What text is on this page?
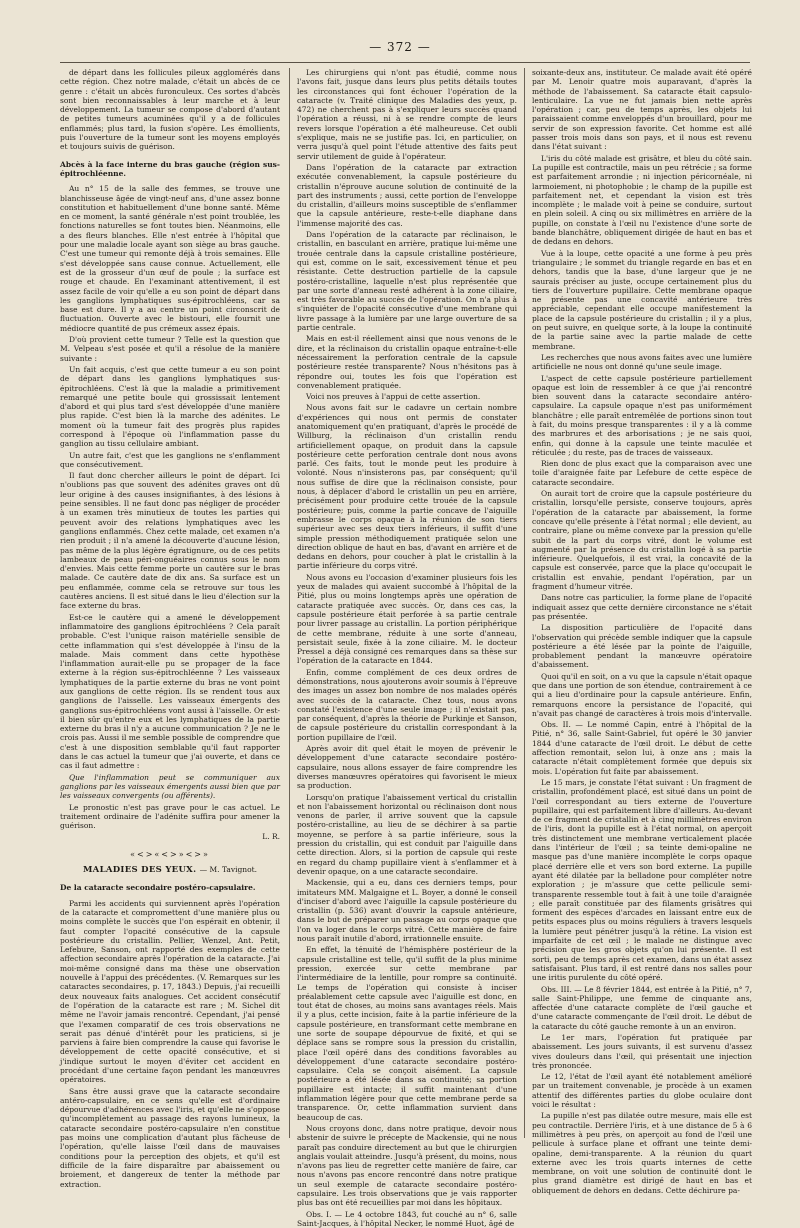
— 372 —

de départ dans les follicules pileux agglomérés dans cette région. Chez notre malade, c'était un abcès de ce genre : c'était un abcès furonculeux. Ces sortes d'abcès sont bien reconnaissables à leur marche et à leur développement. La tumeur se compose d'abord d'autant de petites tumeurs acuminées qu'il y a de follicules enflammés; plus tard, la fusion s'opère. Les émollients, puis l'ouverture de la tumeur sont les moyens employés et toujours suivis de guérison.

Abcès à la face interne du bras gauche (région sus-épitrochléenne.

Au n° 15 de la salle des femmes, se trouve une blanchisseuse âgée de vingt-neuf ans, d'une assez bonne constitution et habituellement d'une bonne santé. Même en ce moment, la santé générale n'est point troublée, les fonctions naturelles se font toutes bien. Néanmoins, elle a des fleurs blanches. Elle n'est entrée à l'hôpital que pour une maladie locale ayant son siège au bras gauche. C'est une tumeur qui remonte déjà à trois semaines. Elle s'est développée sans cause connue. Actuellement, elle est de la grosseur d'un œuf de poule ; la surface est rouge et chaude. En l'examinant attentivement, il est assez facile de voir qu'elle a eu son point de départ dans les ganglions lymphatiques sus-épitrochléens, car sa base est dure. Il y a au centre un point circonscrit de fluctuation. Ouverte avec le bistouri, elle fournit une médiocre quantité de pus crémeux assez épais.

D'où provient cette tumeur ? Telle est la question que M. Velpeau s'est posée et qu'il a résolue de la manière suivante :

Un fait acquis, c'est que cette tumeur a eu son point de départ dans les ganglions lymphatiques sus-épitrochléens. C'est là que la maladie a primitivement remarqué une petite boule qui grossissait lentement d'abord et qui plus tard s'est développée d'une manière plus rapide. C'est bien là la marche des adénites. Le moment où la tumeur fait des progrès plus rapides correspond à l'époque où l'inflammation passe du ganglion au tissu cellulaire ambiant.

Un autre fait, c'est que les ganglions ne s'enflamment que consécutivement.

Il faut donc chercher ailleurs le point de départ. Ici n'oublions pas que souvent des adénites graves ont dû leur origine à des causes insignifiantes, à des lésions à peine sensibles. Il ne faut donc pas négliger de procéder à un examen très minutieux de toutes les parties qui peuvent avoir des relations lymphatiques avec les ganglions enflammés. Chez cette malade, cet examen n'a rien produit ; il n'a amené la découverte d'aucune lésion, pas même de la plus légère égratignure, ou de ces petits lambeaux de peau péri-onguéaires connus sous le nom d'envies. Mais cette femme porte un cautère sur le bras malade. Ce cautère date de dix ans. Sa surface est un peu enflammée, comme cela se retrouve sur tous les cautères anciens. Il est situé dans le lieu d'élection sur la face externe du bras.

Est-ce le cautère qui a amené le développement inflammatoire des ganglions épitrochléens ? Cela paraît probable. C'est l'unique raison matérielle sensible de cette inflammation qui s'est développée à l'insu de la malade. Mais comment dans cette hypothèse l'inflammation aurait-elle pu se propager de la face externe à la région sus-épitrochléenne ? Les vaisseaux lymphatiques de la partie externe du bras ne vont point aux ganglions de cette région. Ils se rendent tous aux ganglions de l'aisselle. Les vaisseaux émergents des ganglions sus-épitrochléens vont aussi à l'aisselle. Or est-il bien sûr qu'entre eux et les lymphatiques de la partie externe du bras il n'y a aucune communication ? Je ne le crois pas. Aussi il me semble possible de comprendre que c'est à une disposition semblable qu'il faut rapporter dans le cas actuel la tumeur que j'ai ouverte, et dans ce cas il faut admettre :

Que l'inflammation peut se communiquer aux ganglions par les vaisseaux émergents aussi bien que par les vaisseaux convergents (ou afférents).

Le pronostic n'est pas grave pour le cas actuel. Le traitement ordinaire de l'adénite suffira pour amener la guérison.

L. R.

«<>«<>»<>»

MALADIES DES YEUX. — M. Tavignot.

De la cataracte secondaire postéro-capsulaire.

Parmi les accidents qui surviennent après l'opération de la cataracte et compromettent d'une manière plus ou moins complète le succès que l'on espérait en obtenir, il faut compter l'opacité consécutive de la capsule postérieure du cristallin. Pellier, Wenzel, Ant. Petit, Lefebure, Sanson, ont rapporté des exemples de cette affection secondaire après l'opération de la cataracte. J'ai moi-même consigné dans ma thèse une observation nouvelle à l'appui des précédentes. (V. Remarques sur les cataractes secondaires, p. 17, 1843.) Depuis, j'ai recueilli deux nouveaux faits analogues. Cet accident consécutif de l'opération de la cataracte est rare ; M. Sichel dit même ne l'avoir jamais rencontré. Cependant, j'ai pensé que l'examen comparatif de ces trois observations ne serait pas dénué d'intérêt pour les praticiens, si je parviens à faire bien comprendre la cause qui favorise le développement de cette opacité consécutive, et si j'indique surtout le moyen d'éviter cet accident en procédant d'une certaine façon pendant les manœuvres opératoires.

Sans être aussi grave que la cataracte secondaire antéro-capsulaire, en ce sens qu'elle est d'ordinaire dépourvue d'adhérences avec l'iris, et qu'elle ne s'oppose qu'incomplètement au passage des rayons lumineux, la cataracte secondaire postéro-capsulaire n'en constitue pas moins une complication d'autant plus fâcheuse de l'opération, qu'elle laisse l'œil dans de mauvaises conditions pour la perception des objets, et qu'il est difficile de la faire disparaître par abaissement ou broiement, et dangereux de tenter la méthode par extraction.

Les chirurgiens qui n'ont pas étudié, comme nous l'avons fait, jusque dans leurs plus petits détails toutes les circonstances qui font échouer l'opération de la cataracte (v. Traité clinique des Maladies des yeux, p. 472) ne cherchent pas à s'expliquer leurs succès quand l'opération a réussi, ni à se rendre compte de leurs revers lorsque l'opération a été malheureuse. Cet oubli s'explique, mais ne se justifie pas. Ici, en particulier, on verra jusqu'à quel point l'étude attentive des faits peut servir utilement de guide à l'opérateur.

Dans l'opération de la cataracte par extraction exécutée convenablement, la capsule postérieure du cristallin n'éprouve aucune solution de continuité de la part des instruments ; aussi, cette portion de l'enveloppe du cristallin, d'ailleurs moins susceptible de s'enflammer que la capsule antérieure, reste-t-elle diaphane dans l'immense majorité des cas.

Dans l'opération de la cataracte par réclinaison, le cristallin, en basculant en arrière, pratique lui-même une trouée centrale dans la capsule cristalline postérieure, qui est, comme on le sait, excessivement ténue et peu résistante. Cette destruction partielle de la capsule postéro-cristalline, laquelle n'est plus représentée que par une sorte d'anneau resté adhérent à la zone ciliaire, est très favorable au succès de l'opération. On n'a plus à s'inquiéter de l'opacité consécutive d'une membrane qui livre passage à la lumière par une large ouverture de sa partie centrale.

Mais en est-il réellement ainsi que nous venons de le dire, et la réclinaison du cristallin opaque entraîne-t-elle nécessairement la perforation centrale de la capsule postérieure restée transparente? Nous n'hésitons pas à répondre oui, toutes les fois que l'opération est convenablement pratiquée.

Voici nos preuves à l'appui de cette assertion.

Nous avons fait sur le cadavre un certain nombre d'expériences qui nous ont permis de constater anatomiquement qu'en pratiquant, d'après le procédé de Willburg, la réclinaison d'un cristallin rendu artificiellement opaque, on produit dans la capsule postérieure cette perforation centrale dont nous avons parlé. Ces faits, tout le monde peut les produire à volonté. Nous n'insisterons pas, par conséquent; qu'il nous suffise de dire que la réclinaison consiste, pour nous, à déplacer d'abord le cristallin un peu en arrière, précisément pour produire cette trouée de la capsule postérieure; puis, comme la partie concave de l'aiguille embrasse le corps opaque à la réunion de son tiers supérieur avec ses deux tiers inférieurs, il suffit d'une simple pression méthodiquement pratiquée selon une direction oblique de haut en bas, d'avant en arrière et de dedans en dehors, pour coucher à plat le cristallin à la partie inférieure du corps vitré.

Nous avons eu l'occasion d'examiner plusieurs fois les yeux de malades qui avaient succombé à l'hôpital de la Pitié, plus ou moins longtemps après une opération de cataracte pratiquée avec succès. Or, dans ces cas, la capsule postérieure était perforée à sa partie centrale pour livrer passage au cristallin. La portion périphérique de cette membrane, réduite à une sorte d'anneau, persistait seule, fixée à la zone ciliaire. M. le docteur Pressel a déjà consigné ces remarques dans sa thèse sur l'opération de la cataracte en 1844.

Enfin, comme complément de ces deux ordres de démonstrations, nous ajouterons avoir soumis à l'épreuve des images un assez bon nombre de nos malades opérés avec succès de la cataracte. Chez tous, nous avons constaté l'existence d'une seule image ; il n'existait pas, par conséquent, d'après la théorie de Purkinje et Sanson, de capsule postérieure du cristallin correspondant à la portion pupillaire de l'œil.

Après avoir dit quel était le moyen de prévenir le développement d'une cataracte secondaire postéro-capsulaire, nous allons essayer de faire comprendre les diverses manœuvres opératoires qui favorisent le mieux sa production.

Lorsqu'on pratique l'abaissement vertical du cristallin et non l'abaissement horizontal ou réclinaison dont nous venons de parler, il arrive souvent que la capsule postéro-cristalline, au lieu de se déchirer à sa partie moyenne, se perfore à sa partie inférieure, sous la pression du cristallin, qui est conduit par l'aiguille dans cette direction. Alors, si la portion de capsule qui reste en regard du champ pupillaire vient à s'enflammer et à devenir opaque, on a une cataracte secondaire.

Mackensie, qui a eu, dans ces derniers temps, pour imitateurs MM. Malgaigne et L. Boyer, a donné le conseil d'inciser d'abord avec l'aiguille la capsule postérieure du cristallin (p. 536) avant d'ouvrir la capsule antérieure, dans le but de préparer un passage au corps opaque que l'on va loger dans le corps vitré. Cette manière de faire nous paraît inutile d'abord, irrationnelle ensuite.

En effet, la ténuité de l'hémisphère postérieur de la capsule cristalline est telle, qu'il suffit de la plus minime pression, exercée sur cette membrane par l'intermédiaire de la lentille, pour rompre sa continuité. Le temps de l'opération qui consiste à inciser préalablement cette capsule avec l'aiguille est donc, en tout état de choses, au moins sans avantages réels. Mais il y a plus, cette incision, faite à la partie inférieure de la capsule postérieure, en transformant cette membrane en une sorte de soupape dépourvue de fixité, et qui se déplace sans se rompre sous la pression du cristallin, place l'œil opéré dans des conditions favorables au développement d'une cataracte secondaire postéro-capsulaire. Cela se conçoit aisément. La capsule postérieure a été lésée dans sa continuité; sa portion pupillaire est intacte; il suffit maintenant d'une inflammation légère pour que cette membrane perde sa transparence. Or, cette inflammation survient dans beaucoup de cas.

Nous croyons donc, dans notre pratique, devoir nous abstenir de suivre le précepte de Mackensie, qui ne nous paraît pas conduire directement au but que le chirurgien anglais voulait atteindre. Jusqu'à présent, du moins, nous n'avons pas lieu de regretter cette manière de faire, car nous n'avons pas encore rencontré dans notre pratique un seul exemple de cataracte secondaire postéro-capsulaire. Les trois observations que je vais rapporter plus bas ont été recueillies par moi dans les hôpitaux.

Obs. I. — Le 4 octobre 1843, fut couché au n° 6, salle Saint-Jacques, à l'hôpital Necker, le nommé Huot, âgé de

soixante-deux ans, instituteur. Ce malade avait été opéré par M. Lenoir quatre mois auparavant, d'après la méthode de l'abaissement. Sa cataracte était capsulo-lenticulaire. La vue ne fut jamais bien nette après l'opération ; car, peu de temps après, les objets lui paraissaient comme enveloppés d'un brouillard, pour me servir de son expression favorite. Cet homme est allé passer trois mois dans son pays, et il nous est revenu dans l'état suivant :

L'iris du côté malade est grisâtre, et bleu du côté sain. La pupille est contractile, mais un peu rétrécie ; sa forme est parfaitement arrondie ; ni injection péricornéale, ni larmoiement, ni photophobie ; le champ de la pupille est parfaitement net, et cependant la vision est très incomplète ; le malade voit à peine se conduire, surtout en plein soleil. A cinq ou six millimètres en arrière de la pupille, on constate à l'œil nu l'existence d'une sorte de bande blanchâtre, obliquement dirigée de haut en bas et de dedans en dehors.

Vue à la loupe, cette opacité a une forme à peu près triangulaire ; le sommet du triangle regarde en bas et en dehors, tandis que la base, d'une largeur que je ne saurais préciser au juste, occupe certainement plus du tiers de l'ouverture pupillaire. Cette membrane opaque ne présente pas une concavité antérieure très appréciable, cependant elle occupe manifestement la place de la capsule postérieure du cristallin ; il y a plus, on peut suivre, en quelque sorte, à la loupe la continuité de la partie saine avec la partie malade de cette membrane.

Les recherches que nous avons faites avec une lumière artificielle ne nous ont donné qu'une seule image.

L'aspect de cette capsule postérieure partiellement opaque est loin de ressembler à ce que j'ai rencontré bien souvent dans la cataracte secondaire antéro-capsulaire. La capsule opaque n'est pas uniformément blanchâtre ; elle paraît entremêlée de portions sinon tout à fait, du moins presque transparentes : il y a là comme des marbrures et des arborisations ; je ne sais quoi, enfin, qui donne à la capsule une teinte maculée et réticulée ; du reste, pas de traces de vaisseaux.

Rien donc de plus exact que la comparaison avec une toile d'araignée faite par Lefebure de cette espèce de cataracte secondaire.

On aurait tort de croire que la capsule postérieure du cristallin, lorsqu'elle persiste, conserve toujours, après l'opération de la cataracte par abaissement, la forme concave qu'elle présente à l'état normal ; elle devient, au contraire, plane ou même convexe par la pression qu'elle subit de la part du corps vitré, dont le volume est augmenté par la présence du cristallin logé à sa partie inférieure. Quelquefois, il est vrai, la concavité de la capsule est conservée, parce que la place qu'occupait le cristallin est envahie, pendant l'opération, par un fragment d'humeur vitrée.

Dans notre cas particulier, la forme plane de l'opacité indiquait assez que cette dernière circonstance ne s'était pas présentée.

La disposition particulière de l'opacité dans l'observation qui précède semble indiquer que la capsule postérieure a été lésée par la pointe de l'aiguille, probablement pendant la manœuvre opératoire d'abaissement.

Quoi qu'il en soit, on a vu que la capsule n'était opaque que dans une portion de son étendue, contrairement à ce qui a lieu d'ordinaire pour la capsule antérieure. Enfin, remarquons encore la persistance de l'opacité, qui n'avait pas changé de caractères à trois mois d'intervalle.

Obs. II. — Le nommé Capin, entré à l'hôpital de la Pitié, n° 36, salle Saint-Gabriel, fut opéré le 30 janvier 1844 d'une cataracte de l'œil droit. Le début de cette affection remontait, selon lui, à onze ans ; mais la cataracte n'était complètement formée que depuis six mois. L'opération fut faite par abaissement.

Le 15 mars, je constate l'état suivant : Un fragment de cristallin, profondément placé, est situé dans un point de l'œil correspondant au tiers externe de l'ouverture pupillaire, qui est parfaitement libre d'ailleurs. Au-devant de ce fragment de cristallin et à cinq millimètres environ de l'iris, dont la pupille est à l'état normal, on aperçoit très distinctement une membrane verticalement placée dans l'intérieur de l'œil ; sa teinte demi-opaline ne masque pas d'une manière incomplète le corps opaque placé derrière elle et vers son bord externe. La pupille ayant été dilatée par la belladone pour compléter notre exploration ; je m'assure que cette pellicule semi-transparente ressemble tout à fait à une toile d'araignée ; elle paraît constituée par des filaments grisâtres qui forment des espèces d'arcades en laissant entre eux de petits espaces plus ou moins réguliers à travers lesquels la lumière peut pénétrer jusqu'à la rétine. La vision est imparfaite de cet œil ; le malade ne distingue avec précision que les gros objets qu'on lui présente. Il est sorti, peu de temps après cet examen, dans un état assez satisfaisant. Plus tard, il est rentré dans nos salles pour une iritis purulente du côté opéré.

Obs. III. — Le 8 février 1844, est entrée à la Pitié, n° 7, salle Saint-Philippe, une femme de cinquante ans, affectée d'une cataracte complète de l'œil gauche et d'une cataracte commençante de l'œil droit. Le début de la cataracte du côté gauche remonte à un an environ.

Le 1er mars, l'opération fut pratiquée par abaissement. Les jours suivants, il est survenu d'assez vives douleurs dans l'œil, qui présentait une injection très prononcée.

Le 12, l'état de l'œil ayant été notablement amélioré par un traitement convenable, je procède à un examen attentif des différentes parties du globe oculaire dont voici le résultat :

La pupille n'est pas dilatée outre mesure, mais elle est peu contractile. Derrière l'iris, et à une distance de 5 à 6 millimètres à peu près, on aperçoit au fond de l'œil une pellicule à surface plane et offrant une teinte demi-opaline, demi-transparente. A la réunion du quart externe avec les trois quarts internes de cette membrane, on voit une solution de continuité dont le plus grand diamètre est dirigé de haut en bas et obliquement de dehors en dedans. Cette déchirure pa-
